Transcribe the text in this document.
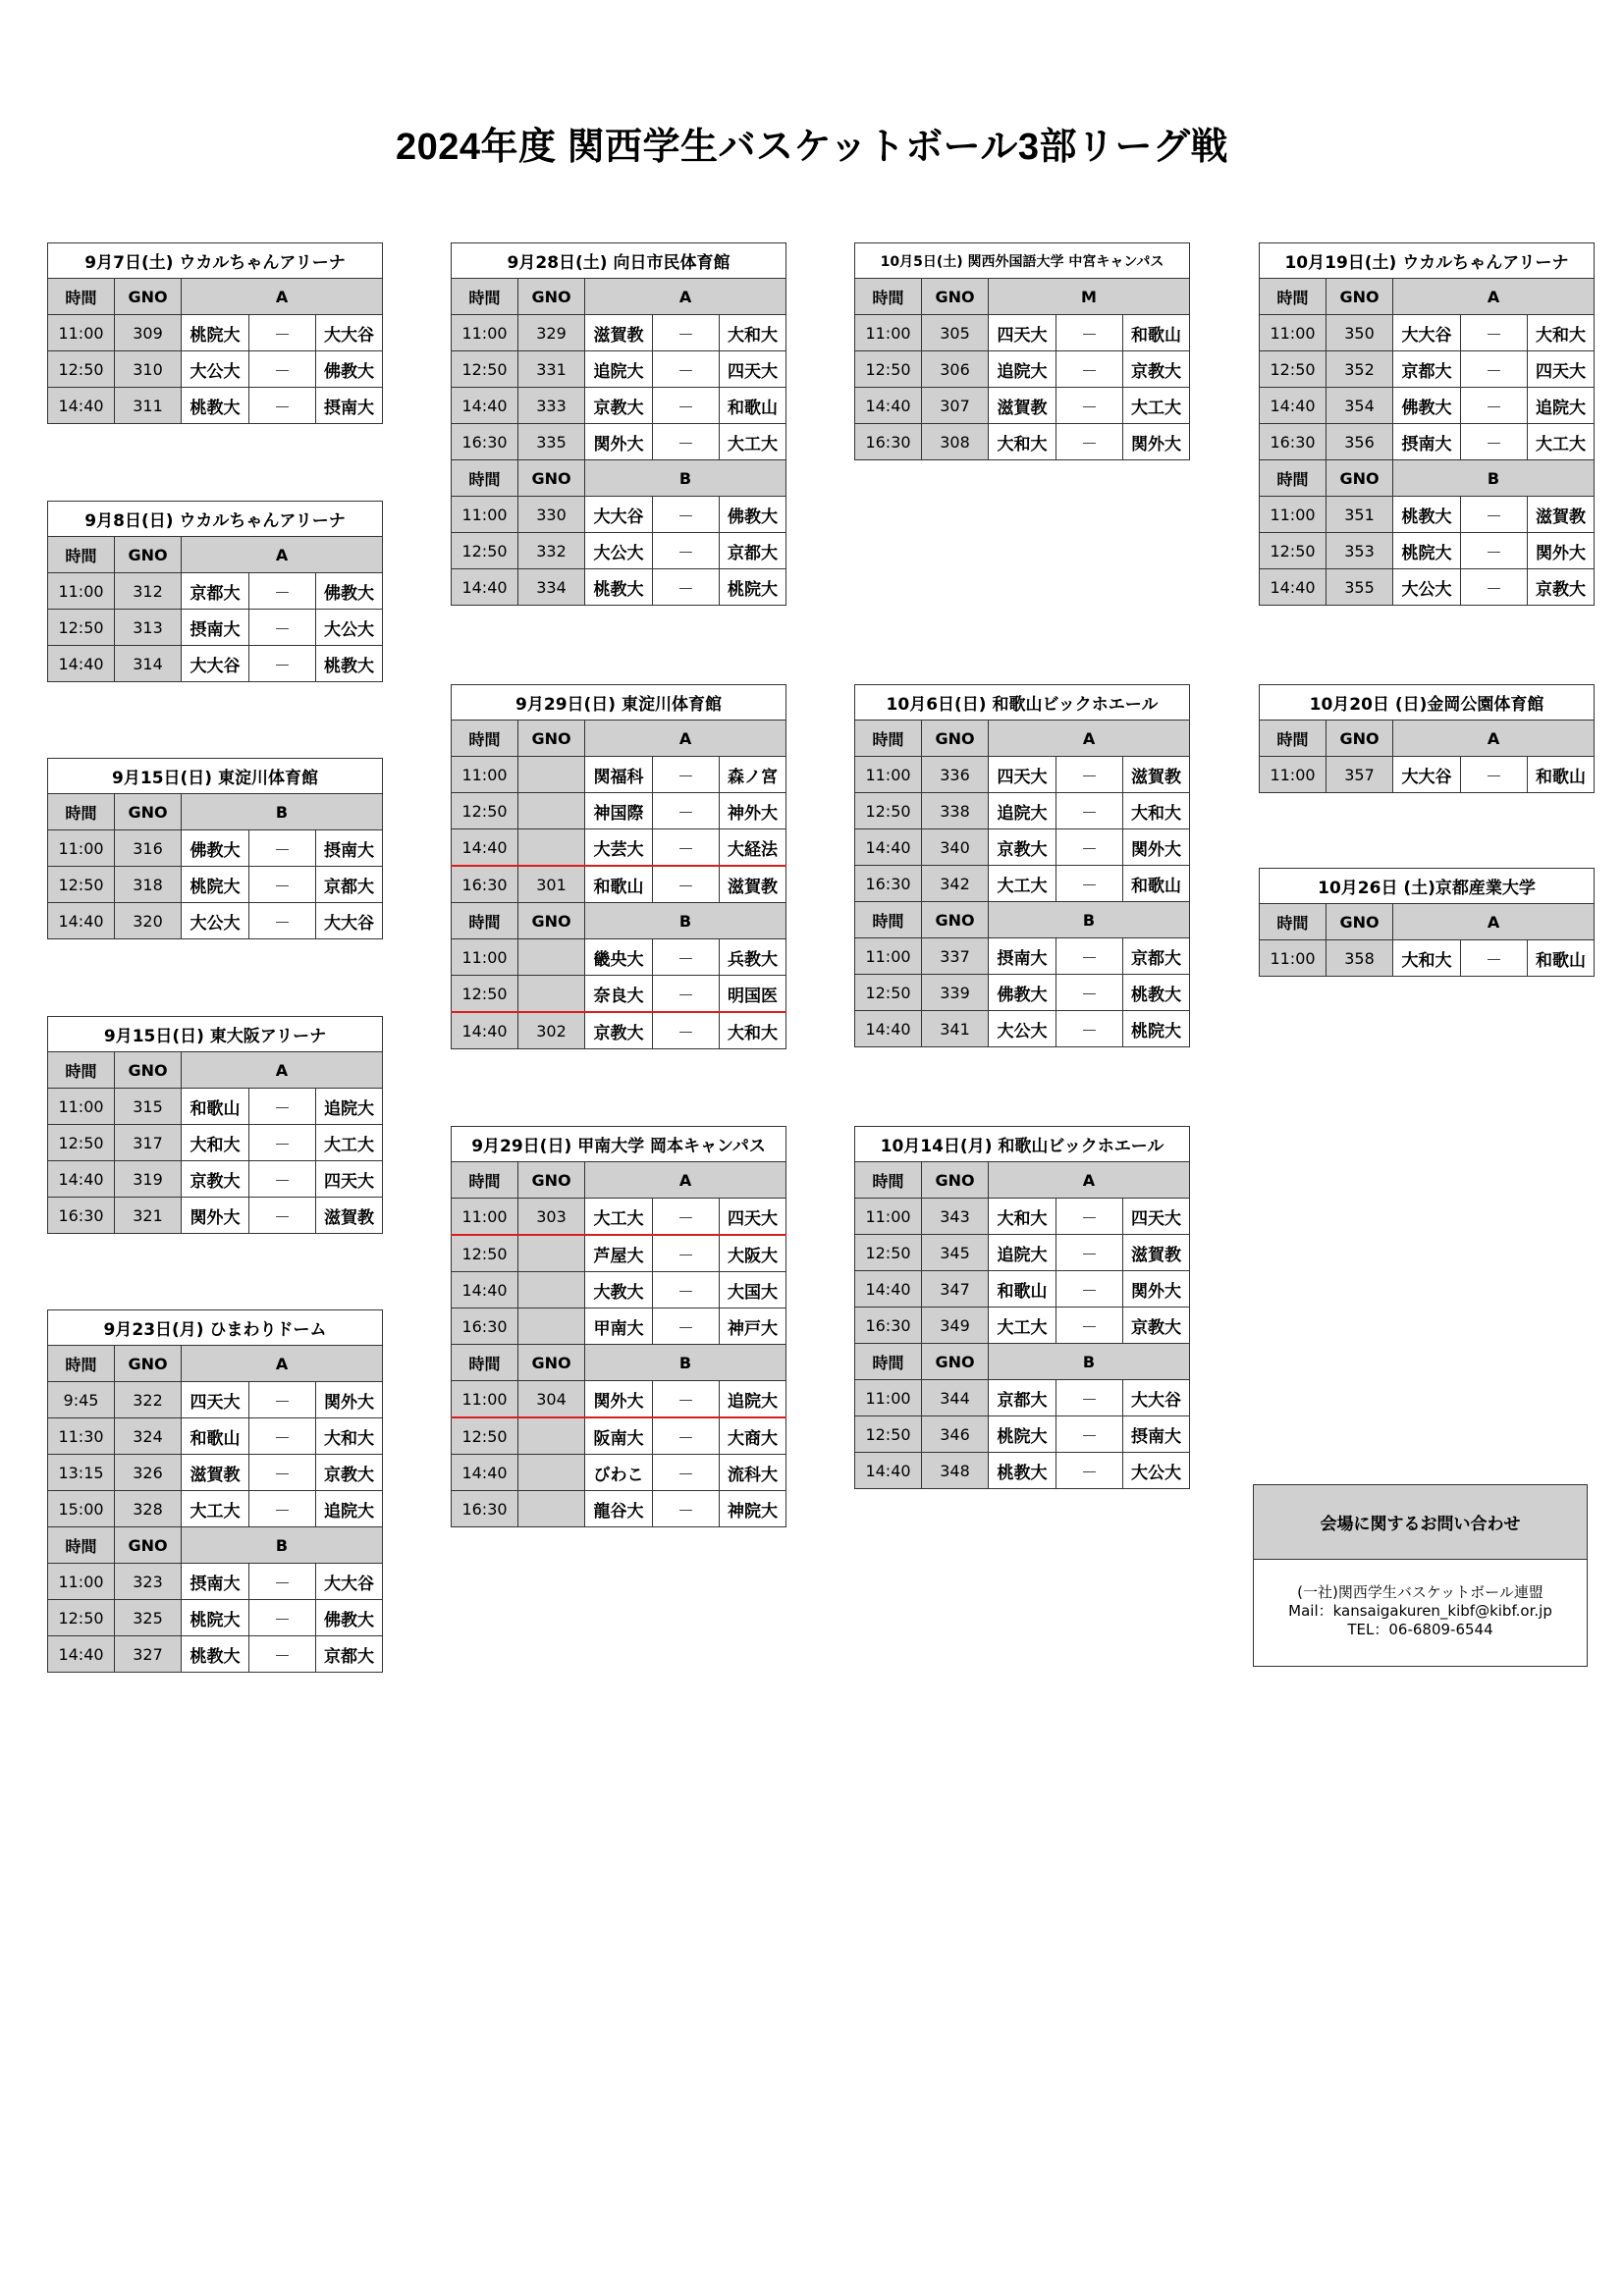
2024年度 関西学生バスケットボール3部リーグ戦
9月7日(土) ウカルちゃんアリーナ				
時間	GNO	A		
11:00	309	桃院大	－	大大谷
12:50	310	大公大	－	佛教大
14:40	311	桃教大	－	摂南大
9月8日(日) ウカルちゃんアリーナ				
時間	GNO	A		
11:00	312	京都大	－	佛教大
12:50	313	摂南大	－	大公大
14:40	314	大大谷	－	桃教大
9月15日(日) 東淀川体育館				
時間	GNO	B		
11:00	316	佛教大	－	摂南大
12:50	318	桃院大	－	京都大
14:40	320	大公大	－	大大谷
9月15日(日) 東大阪アリーナ				
時間	GNO	A		
11:00	315	和歌山	－	追院大
12:50	317	大和大	－	大工大
14:40	319	京教大	－	四天大
16:30	321	関外大	－	滋賀教
9月23日(月) ひまわりドーム				
時間	GNO	A		
9:45	322	四天大	－	関外大
11:30	324	和歌山	－	大和大
13:15	326	滋賀教	－	京教大
15:00	328	大工大	－	追院大
時間	GNO	B		
11:00	323	摂南大	－	大大谷
12:50	325	桃院大	－	佛教大
14:40	327	桃教大	－	京都大
9月28日(土) 向日市民体育館				
時間	GNO	A		
11:00	329	滋賀教	－	大和大
12:50	331	追院大	－	四天大
14:40	333	京教大	－	和歌山
16:30	335	関外大	－	大工大
時間	GNO	B		
11:00	330	大大谷	－	佛教大
12:50	332	大公大	－	京都大
14:40	334	桃教大	－	桃院大
9月29日(日) 東淀川体育館				
時間	GNO	A		
11:00		関福科	－	森ノ宮
12:50		神国際	－	神外大
14:40		大芸大	－	大経法
16:30	301	和歌山	－	滋賀教
時間	GNO	B		
11:00		畿央大	－	兵教大
12:50		奈良大	－	明国医
14:40	302	京教大	－	大和大
9月29日(日) 甲南大学 岡本キャンパス				
時間	GNO	A		
11:00	303	大工大	－	四天大
12:50		芦屋大	－	大阪大
14:40		大教大	－	大国大
16:30		甲南大	－	神戸大
時間	GNO	B		
11:00	304	関外大	－	追院大
12:50		阪南大	－	大商大
14:40		びわこ	－	流科大
16:30		龍谷大	－	神院大
10月5日(土) 関西外国語大学 中宮キャンパス				
時間	GNO	M		
11:00	305	四天大	－	和歌山
12:50	306	追院大	－	京教大
14:40	307	滋賀教	－	大工大
16:30	308	大和大	－	関外大
10月6日(日) 和歌山ビックホエール				
時間	GNO	A		
11:00	336	四天大	－	滋賀教
12:50	338	追院大	－	大和大
14:40	340	京教大	－	関外大
16:30	342	大工大	－	和歌山
時間	GNO	B		
11:00	337	摂南大	－	京都大
12:50	339	佛教大	－	桃教大
14:40	341	大公大	－	桃院大
10月14日(月) 和歌山ビックホエール				
時間	GNO	A		
11:00	343	大和大	－	四天大
12:50	345	追院大	－	滋賀教
14:40	347	和歌山	－	関外大
16:30	349	大工大	－	京教大
時間	GNO	B		
11:00	344	京都大	－	大大谷
12:50	346	桃院大	－	摂南大
14:40	348	桃教大	－	大公大
10月19日(土) ウカルちゃんアリーナ				
時間	GNO	A		
11:00	350	大大谷	－	大和大
12:50	352	京都大	－	四天大
14:40	354	佛教大	－	追院大
16:30	356	摂南大	－	大工大
時間	GNO	B		
11:00	351	桃教大	－	滋賀教
12:50	353	桃院大	－	関外大
14:40	355	大公大	－	京教大
10月20日 (日)金岡公園体育館				
時間	GNO	A		
11:00	357	大大谷	－	和歌山
10月26日 (土)京都産業大学				
時間	GNO	A		
11:00	358	大和大	－	和歌山
会場に関するお問い合わせ
(一社)関西学生バスケットボール連盟
Mail：kansaigakuren_kibf@kibf.or.jp
TEL：06-6809-6544
